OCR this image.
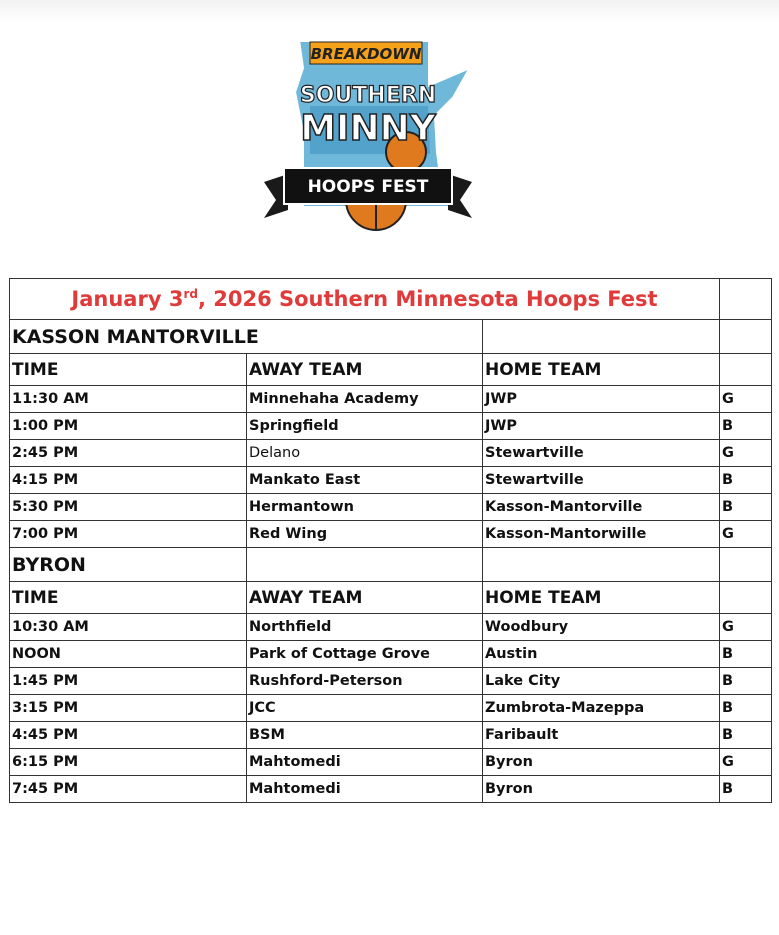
BREAKDOWN
SOUTHERN
MINNY
HOOPS FEST
January 3rd, 2026 Southern Minnesota Hoops Fest			
KASSON MANTORVILLE			
TIME	AWAY TEAM	HOME TEAM	
11:30 AM	Minnehaha Academy	JWP	G
1:00 PM	Springfield	JWP	B
2:45 PM	Delano	Stewartville	G
4:15 PM	Mankato East	Stewartville	B
5:30 PM	Hermantown	Kasson-Mantorville	B
7:00 PM	Red Wing	Kasson-Mantorwille	G
BYRON			
TIME	AWAY TEAM	HOME TEAM	
10:30 AM	Northfield	Woodbury	G
NOON	Park of Cottage Grove	Austin	B
1:45 PM	Rushford-Peterson	Lake City	B
3:15 PM	JCC	Zumbrota-Mazeppa	B
4:45 PM	BSM	Faribault	B
6:15 PM	Mahtomedi	Byron	G
7:45 PM	Mahtomedi	Byron	B
